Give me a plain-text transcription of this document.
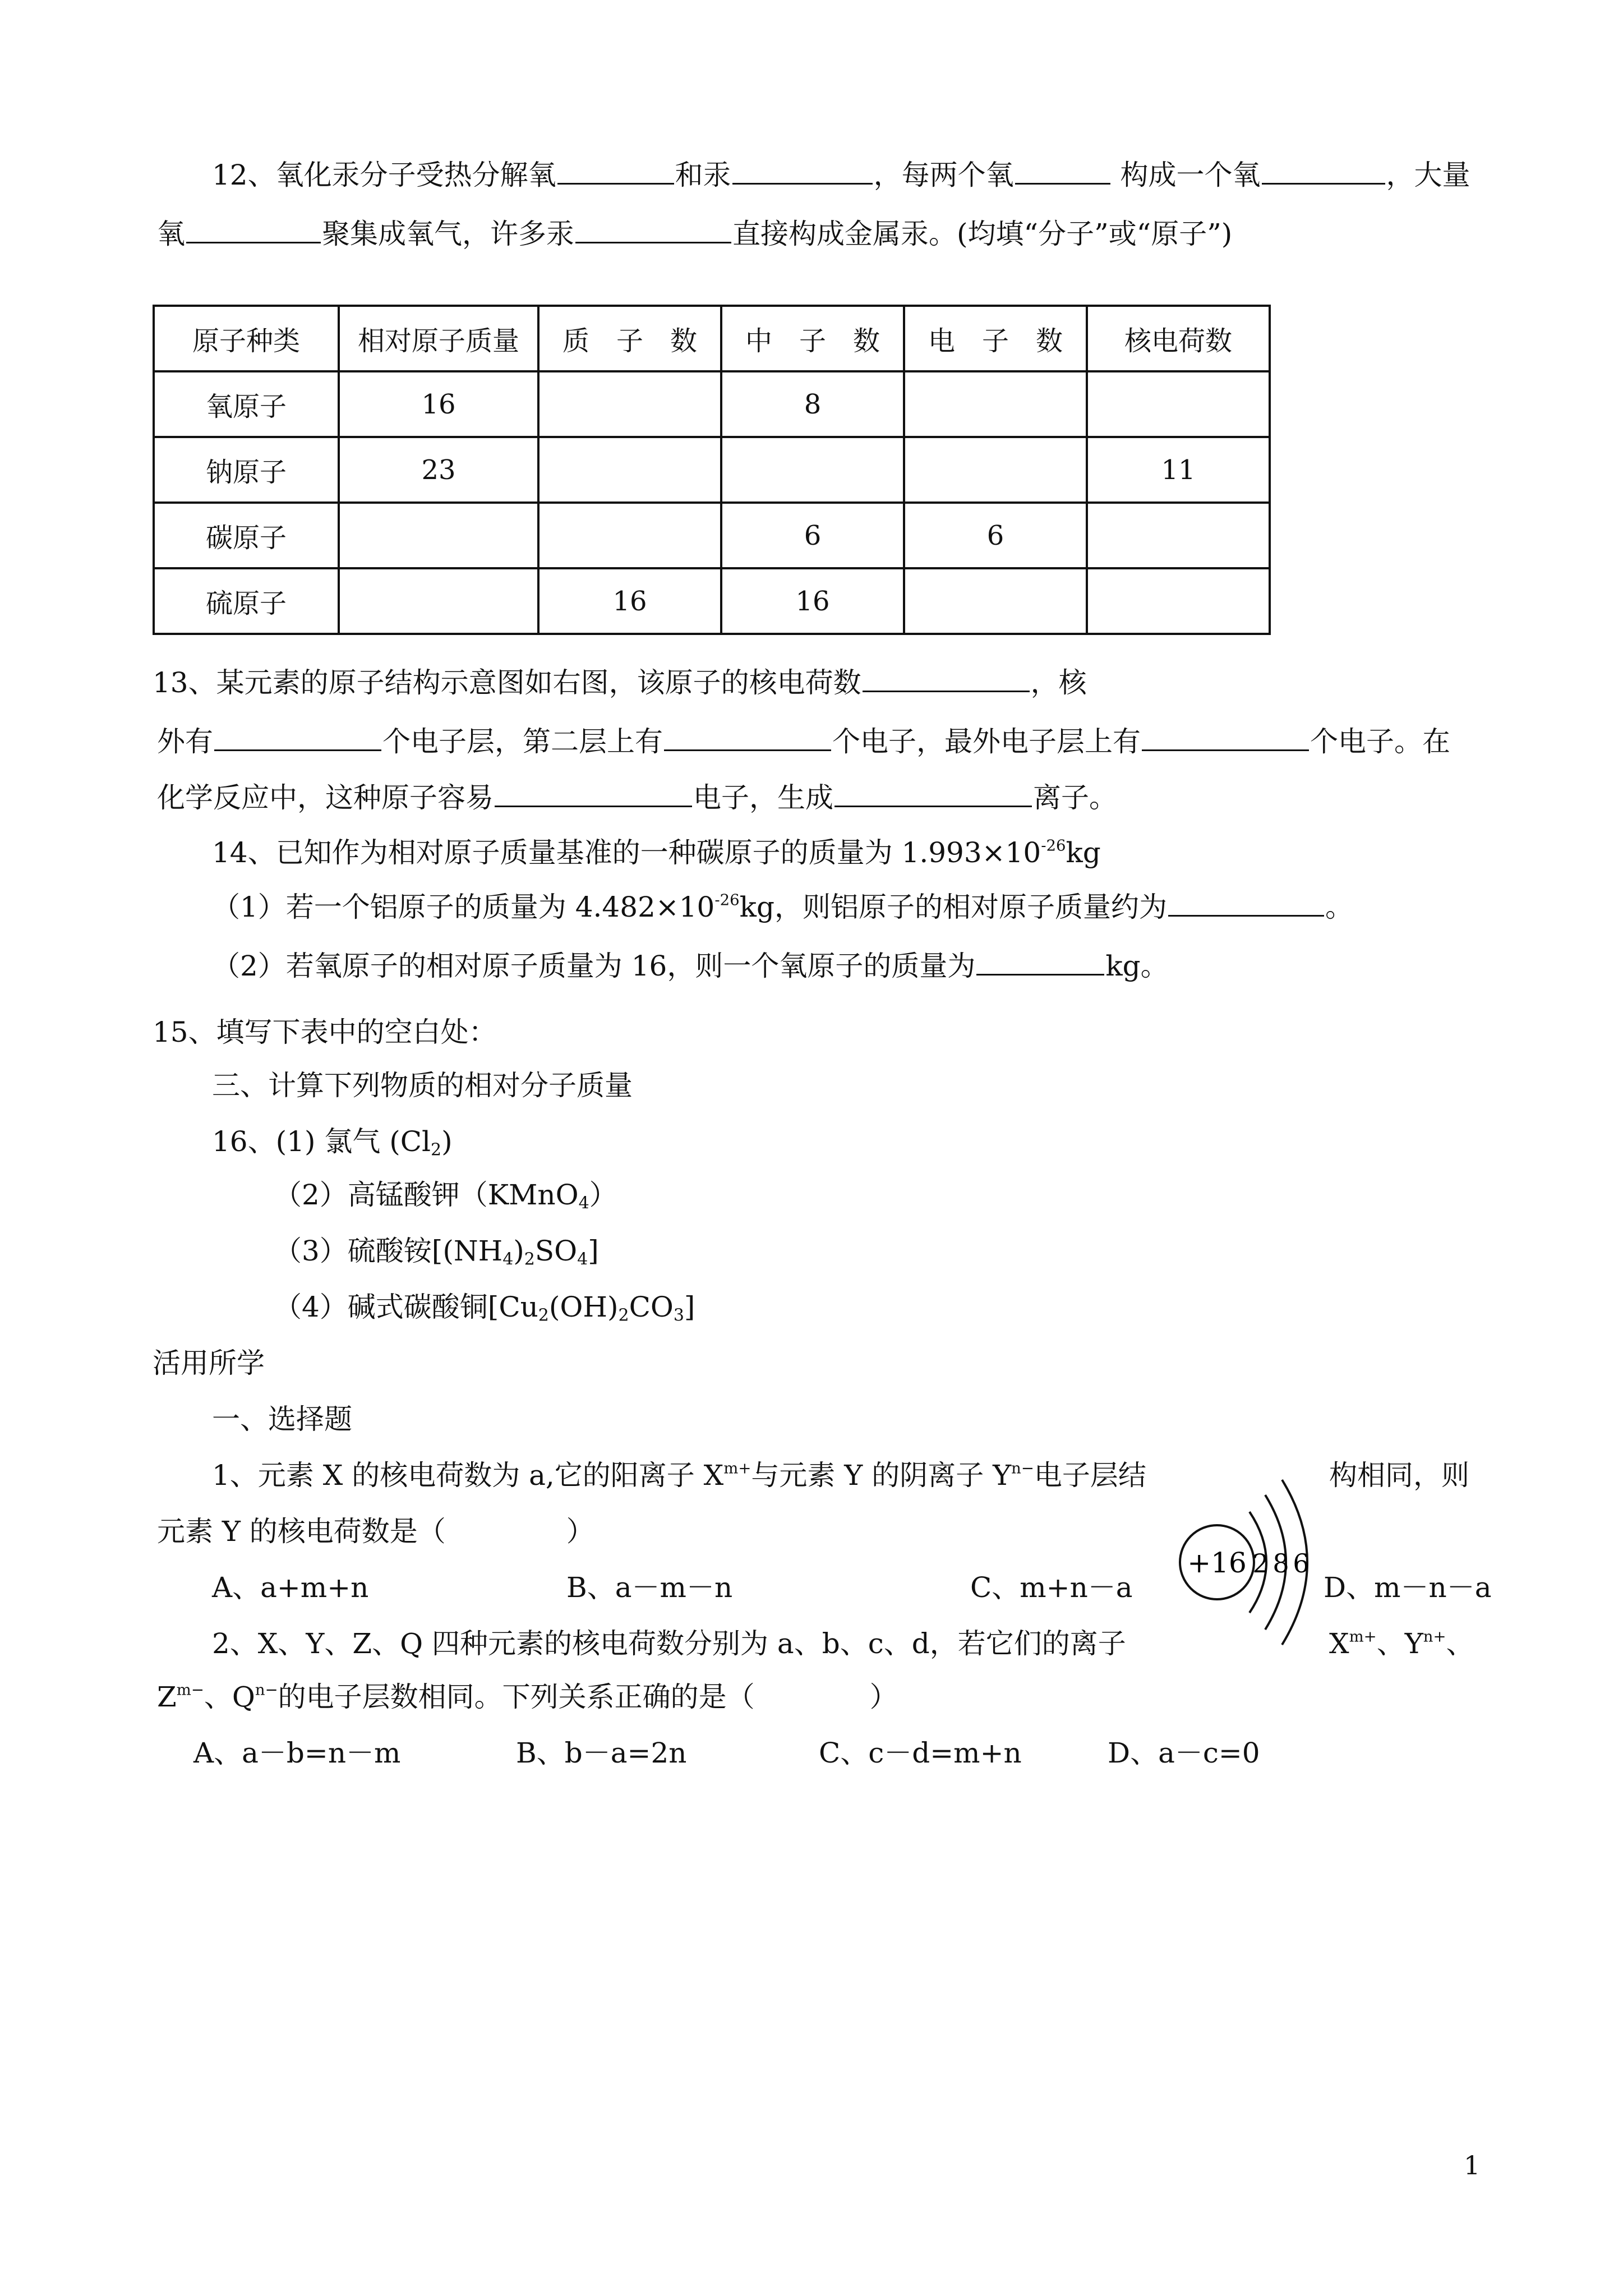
12、氧化汞分子受热分解氧	和汞	，每两个氧	构成一个氧	，大量
氧	聚集成氧气，许多汞	直接构成金属汞。(均填“分子”或“原子”)
原子种类	相对原子质量	质　子　数	中　子　数	电　子　数	核电荷数
氧原子	16		8		
钠原子	23				11
碳原子			6	6	
硫原子		16	16		
13、某元素的原子结构示意图如右图，该原子的核电荷数	，核
外有	个电子层，第二层上有	个电子，最外电子层上有	个电子。在
化学反应中，这种原子容易	电子，生成	离子。
14、已知作为相对原子质量基准的一种碳原子的质量为 $1.993\times 10^{-26}kg$
（1）若一个铝原子的质量为 $4.482\times 10^{-26}kg$，则铝原子的相对原子质量约为	。
（2）若氧原子的相对原子质量为 16，则一个氧原子的质量为	kg。
15、填写下表中的空白处：
三、计算下列物质的相对分子质量
16、(1) 氯气 $(Cl_2)$
（2）高锰酸钾（KMnO$_4$）
（3）硫酸铵$[(NH_4)_2SO_4]$
（4）碱式碳酸铜$[Cu_2(OH)_2CO_3]$
活用所学
一、选择题
1、元素 X 的核电荷数为 a,它的阳离子 $X^{m+}$与元素 Y 的阴离子 $Y^{n-}$电子层结	构相同，则
元素 Y 的核电荷数是（	）
A、a+m+n	B、a－m－n	C、m+n－a	D、m－n－a
2、X、Y、Z、Q 四种元素的核电荷数分别为 a、b、c、d，若它们的离子	$X^{m+}$、$Y^{n+}$、
$Z^{m-}$、$Q^{n-}$的电子层数相同。下列关系正确的是（	）
A、a－b=n－m	B、b－a=2n	C、c－d=m+n	D、a－c=0
+16 2 8 6
1
